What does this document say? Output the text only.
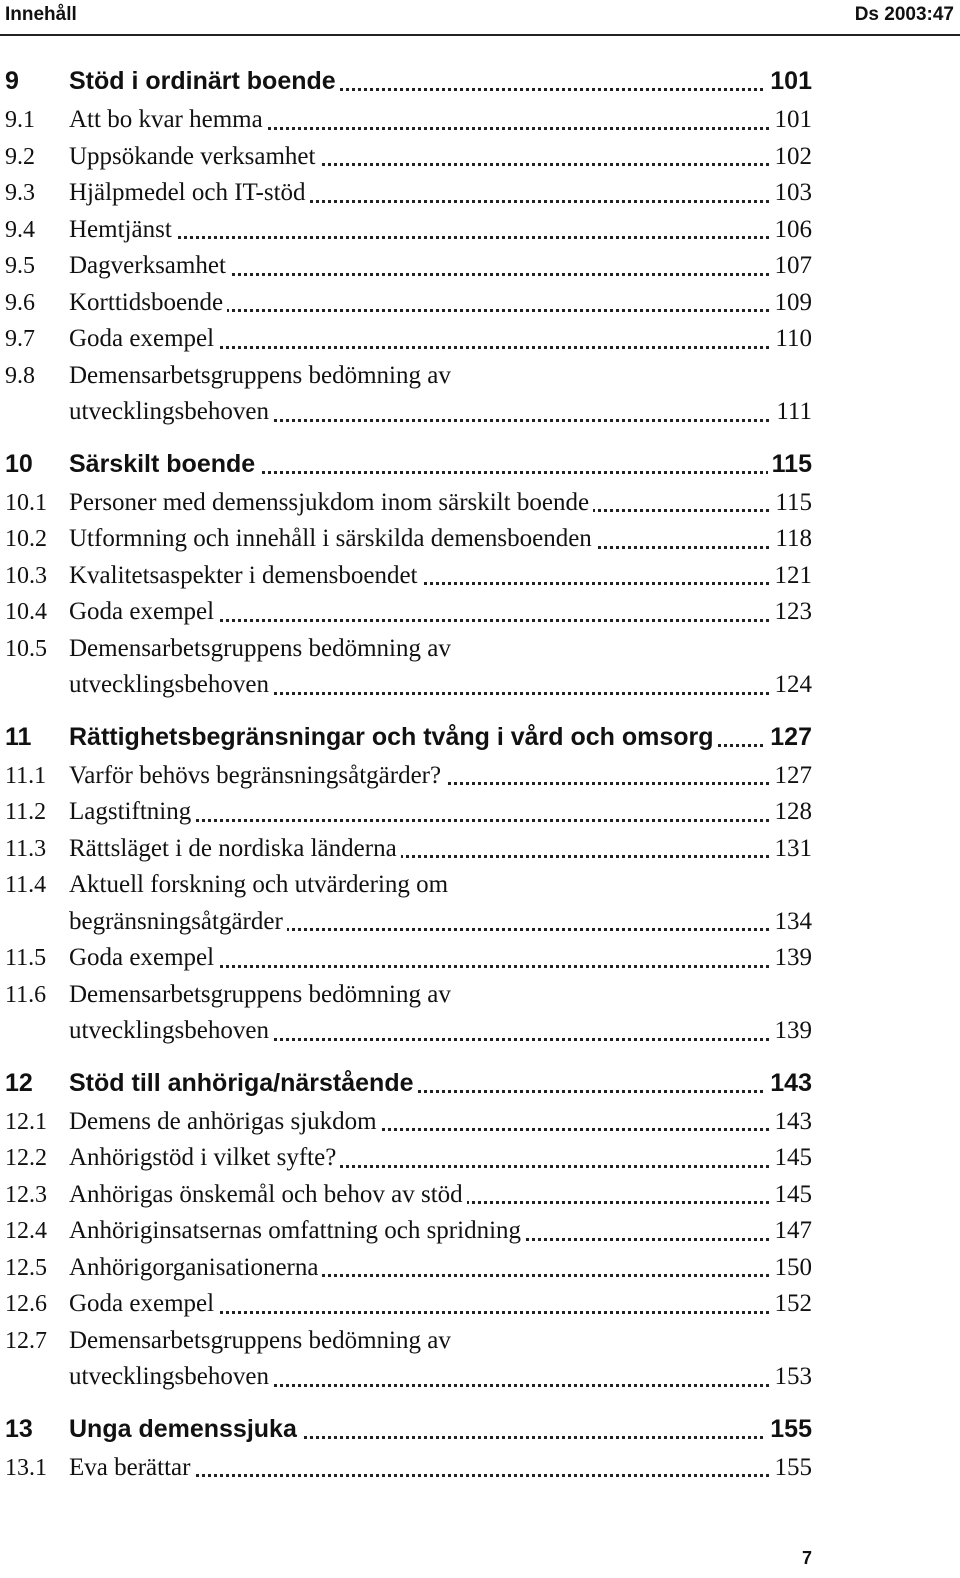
Innehåll	Ds 2003:47
9 Stöd i ordinärt boende	101
9.1 Att bo kvar hemma	101
9.2 Uppsökande verksamhet	102
9.3 Hjälpmedel och IT-stöd	103
9.4 Hemtjänst	106
9.5 Dagverksamhet	107
9.6 Korttidsboende	109
9.7 Goda exempel	110
9.8 Demensarbetsgruppens bedömning av
utvecklingsbehoven	111
10 Särskilt boende	115
10.1 Personer med demenssjukdom inom särskilt boende	115
10.2 Utformning och innehåll i särskilda demensboenden	118
10.3 Kvalitetsaspekter i demensboendet	121
10.4 Goda exempel	123
10.5 Demensarbetsgruppens bedömning av
utvecklingsbehoven	124
11 Rättighetsbegränsningar och tvång i vård och omsorg 127
11.1 Varför behövs begränsningsåtgärder?	127
11.2 Lagstiftning	128
11.3 Rättsläget i de nordiska länderna	131
11.4 Aktuell forskning och utvärdering om
begränsningsåtgärder	134
11.5 Goda exempel	139
11.6 Demensarbetsgruppens bedömning av
utvecklingsbehoven	139
12 Stöd till anhöriga/närstående	143
12.1 Demens de anhörigas sjukdom	143
12.2 Anhörigstöd i vilket syfte?	145
12.3 Anhörigas önskemål och behov av stöd	145
12.4 Anhöriginsatsernas omfattning och spridning	147
12.5 Anhörigorganisationerna	150
12.6 Goda exempel	152
12.7 Demensarbetsgruppens bedömning av
utvecklingsbehoven	153
13 Unga demenssjuka	155
13.1 Eva berättar	155
7
